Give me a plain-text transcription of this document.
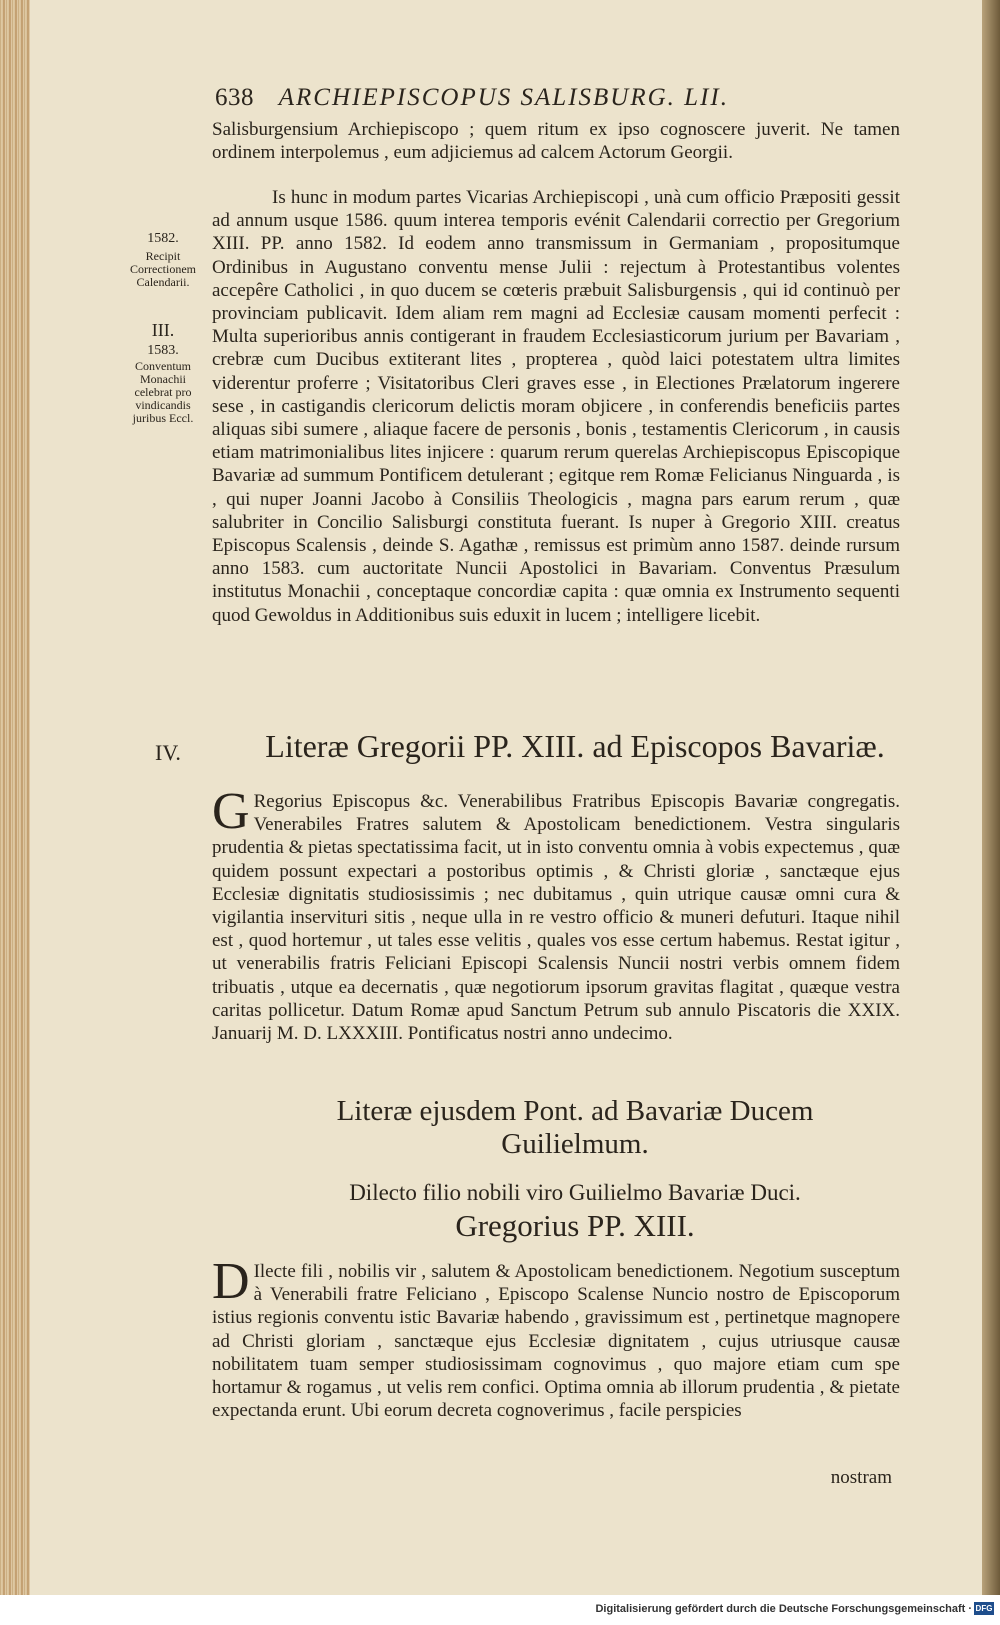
638 ARCHIEPISCOPUS SALISBURG. LII.
Salisburgensium Archiepiscopo ; quem ritum ex ipso cognoscere juverit. Ne tamen ordinem interpolemus , eum adjiciemus ad calcem Actorum Georgii.
Is hunc in modum partes Vicarias Archiepiscopi , unà cum officio Præpositi gessit ad annum usque 1586. quum interea temporis evénit Calendarii correctio per Gregorium XIII. PP. anno 1582. Id eodem anno transmissum in Germaniam , propositumque Ordinibus in Augustano conventu mense Julii : rejectum à Protestantibus volentes accepêre Catholici , in quo ducem se cœteris præbuit Salisburgensis , qui id continuò per provinciam publicavit. Idem aliam rem magni ad Ecclesiæ causam momenti perfecit : Multa superioribus annis contigerant in fraudem Ecclesiasticorum jurium per Bavariam , crebræ cum Ducibus extiterant lites , propterea , quòd laici potestatem ultra limites viderentur proferre ; Visitatoribus Cleri graves esse , in Electiones Prælatorum ingerere sese , in castigandis clericorum delictis moram objicere , in conferendis beneficiis partes aliquas sibi sumere , aliaque facere de personis , bonis , testamentis Clericorum , in causis etiam matrimonialibus lites injicere : quarum rerum querelas Archiepiscopus Episcopique Bavariæ ad summum Pontificem detulerant ; egitque rem Romæ Felicianus Ninguarda , is , qui nuper Joanni Jacobo à Consiliis Theologicis , magna pars earum rerum , quæ salubriter in Concilio Salisburgi constituta fuerant. Is nuper à Gregorio XIII. creatus Episcopus Scalensis , deinde S. Agathæ , remissus est primùm anno 1587. deinde rursum anno 1583. cum auctoritate Nuncii Apostolici in Bavariam. Conventus Præsulum institutus Monachii , conceptaque concordiæ capita : quæ omnia ex Instrumento sequenti quod Gewoldus in Additionibus suis eduxit in lucem ; intelligere licebit.
1582.
Recipit Correctionem Calendarii.
III.
1583.
Conventum Monachii celebrat pro vindicandis juribus Eccl.
IV.	Literæ Gregorii PP. XIII. ad Episcopos Bavariæ.
G Regorius Episcopus &c. Venerabilibus Fratribus Episcopis Bavariæ congregatis. Venerabiles Fratres salutem & Apostolicam benedictionem. Vestra singularis prudentia & pietas spectatissima facit, ut in isto conventu omnia à vobis expectemus , quæ quidem possunt expectari a postoribus optimis , & Christi gloriæ , sanctæque ejus Ecclesiæ dignitatis studiosissimis ; nec dubitamus , quin utrique causæ omni cura & vigilantia inserviturі sitis , neque ulla in re vestro officio & muneri defuturi. Itaque nihil est , quod hortemur , ut tales esse velitis , quales vos esse certum habemus. Restat igitur , ut venerabilis fratris Feliciani Episcopi Scalensis Nuncii nostri verbis omnem fidem tribuatis , utque ea decernatis , quæ negotiorum ipsorum gravitas flagitat , quæque vestra caritas pollicetur. Datum Romæ apud Sanctum Petrum sub annulo Piscatoris die XXIX. Januarij M. D. LXXXIII. Pontificatus nostri anno undecimo.
Literæ ejusdem Pont. ad Bavariæ Ducem
Guilielmum.
Dilecto filio nobili viro Guilielmo Bavariæ Duci.
Gregorius PP. XIII.
D Ilecte fili , nobilis vir , salutem & Apostolicam benedictionem. Negotium susceptum à Venerabili fratre Feliciano , Episcopo Scalense Nuncio nostro de Episcoporum istius regionis conventu istic Bavariæ habendo , gravissimum est , pertinetque magnopere ad Christi gloriam , sanctæque ejus Ecclesiæ dignitatem , cujus utriusque causæ nobilitatem tuam semper studiosissimam cognovimus , quo majore etiam cum spe hortamur & rogamus , ut velis rem confici. Optima omnia ab illorum prudentia , & pietate expectanda erunt. Ubi eorum decreta cognoverimus , facile perspicies
nostram
Digitalisierung gefördert durch die Deutsche Forschungsgemeinschaft · DFG
